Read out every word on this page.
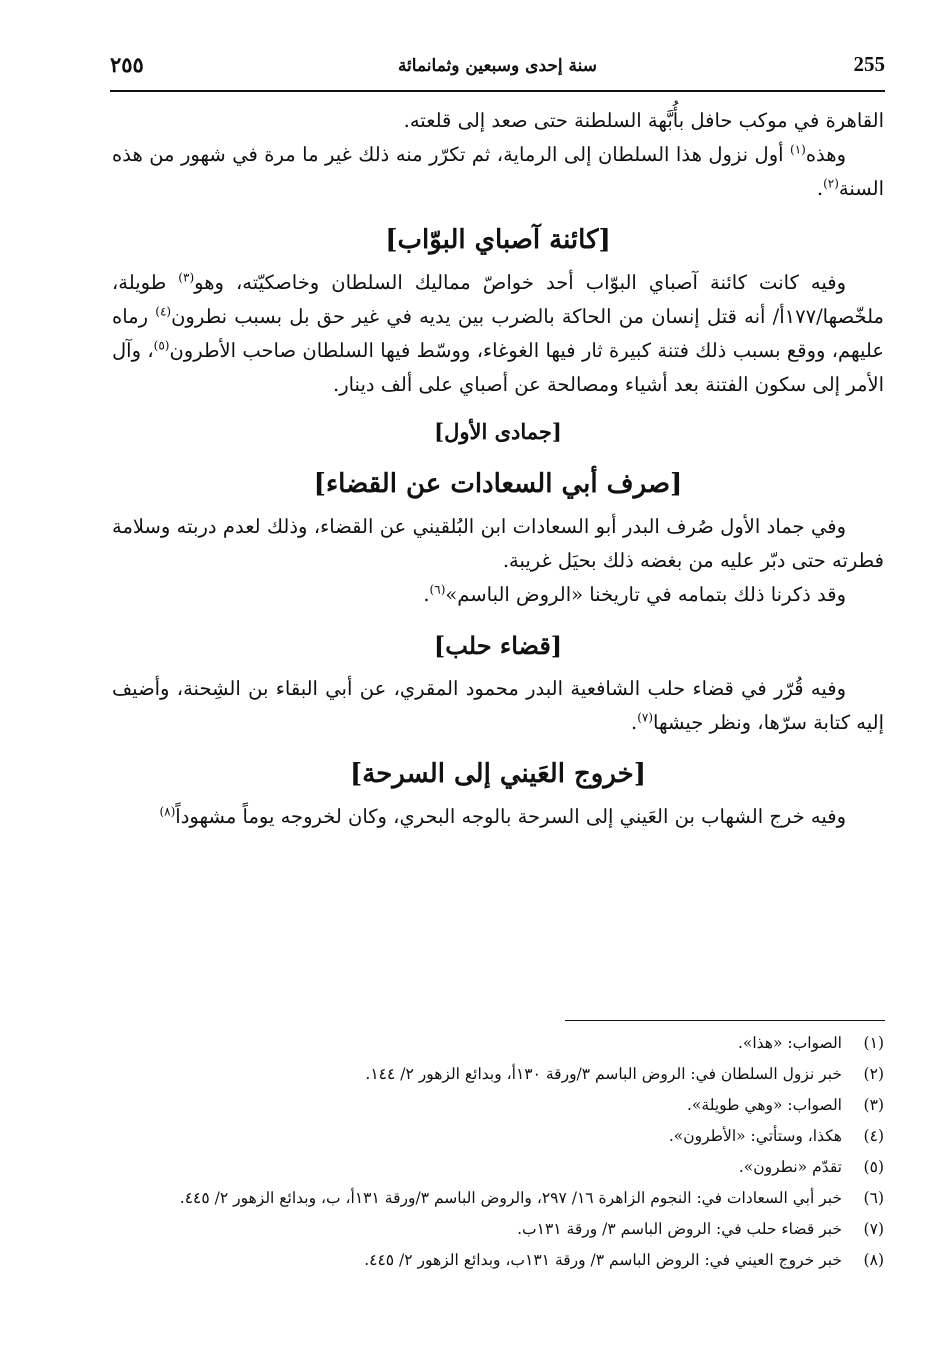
٢٥٥	سنة إحدى وسبعين وثمانمائة	255

القاهرة في موكب حافل بأُبَّهة السلطنة حتى صعد إلى قلعته.

وهذه$^{(١)}$ أول نزول هذا السلطان إلى الرماية، ثم تكرّر منه ذلك غير ما مرة في شهور من هذه السنة$^{(٢)}$.

[كائنة آصباي البوّاب]

وفيه كانت كائنة آصباي البوّاب أحد خواصّ مماليك السلطان وخاصكيّته، وهو$^{(٣)}$ طويلة، ملخّصها/١٧٧أ/ أنه قتل إنسان من الحاكة بالضرب بين يديه في غير حق بل بسبب نطرون$^{(٤)}$ رماه عليهم، ووقع بسبب ذلك فتنة كبيرة ثار فيها الغوغاء، ووسّط فيها السلطان صاحب الأطرون$^{(٥)}$، وآل الأمر إلى سكون الفتنة بعد أشياء ومصالحة عن أصباي على ألف دينار.

[جمادى الأول]
[صرف أبي السعادات عن القضاء]

وفي جماد الأول صُرف البدر أبو السعادات ابن البُلقيني عن القضاء، وذلك لعدم دربته وسلامة فطرته حتى دبّر عليه من بغضه ذلك بحيَل غريبة.

وقد ذكرنا ذلك بتمامه في تاريخنا «الروض الباسم»$^{(٦)}$.

[قضاء حلب]

وفيه قُرّر في قضاء حلب الشافعية البدر محمود المقري، عن أبي البقاء بن الشِحنة، وأضيف إليه كتابة سرّها، ونظر جيشها$^{(٧)}$.

[خروج العَيني إلى السرحة]

وفيه خرج الشهاب بن العَيني إلى السرحة بالوجه البحري، وكان لخروجه يوماً مشهوداً$^{(٨)}$

(١)
الصواب: «هذا».
(٢)
خبر نزول السلطان في: الروض الباسم ٣/ورقة ١٣٠أ، وبدائع الزهور ٢/ ١٤٤.
(٣)
الصواب: «وهي طويلة».
(٤)
هكذا، وستأتي: «الأطرون».
(٥)
تقدّم «نطرون».
(٦)
خبر أبي السعادات في: النجوم الزاهرة ١٦/ ٢٩٧، والروض الباسم ٣/ورقة ١٣١أ، ب، وبدائع الزهور ٢/ ٤٤٥.
(٧)
خبر قضاء حلب في: الروض الباسم ٣/ ورقة ١٣١ب.
(٨)
خبر خروج العيني في: الروض الباسم ٣/ ورقة ١٣١ب، وبدائع الزهور ٢/ ٤٤٥.
